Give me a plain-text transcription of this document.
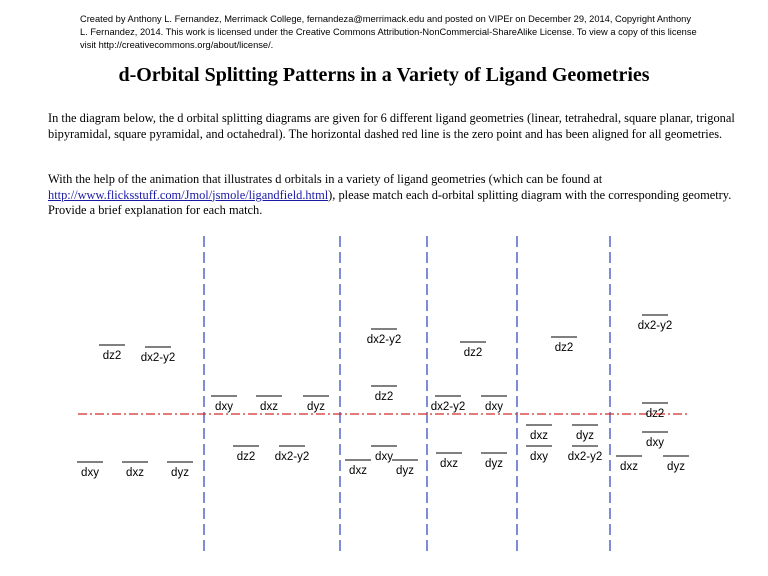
Created by Anthony L. Fernandez, Merrimack College, fernandeza@merrimack.edu and posted on VIPEr on December 29, 2014, Copyright Anthony L. Fernandez, 2014. This work is licensed under the Creative Commons Attribution-NonCommercial-ShareAlike License. To view a copy of this license visit http://creativecommons.org/about/license/.
d-Orbital Splitting Patterns in a Variety of Ligand Geometries

In the diagram below, the d orbital splitting diagrams are given for 6 different ligand geometries (linear, tetrahedral, square planar, trigonal bipyramidal, square pyramidal, and octahedral). The horizontal dashed red line is the zero point and has been aligned for all geometries.

With the help of the animation that illustrates d orbitals in a variety of ligand geometries (which can be found at http://www.flicksstuff.com/Jmol/jsmole/ligandfield.html), please match each d-orbital splitting diagram with the corresponding geometry. Provide a brief explanation for each match.

dz2 dx2-y2
dxy dxz dyz
dxy dxz	dyz
dz2 dx2-y2
dx2-y2
dz2
dxy
dxz	dyz
dz2
dx2-y2 dxy
dxz dyz
dz2
dxz dyz
dxy dx2-y2
dx2-y2
dz2
dxy
dxz	dyz
